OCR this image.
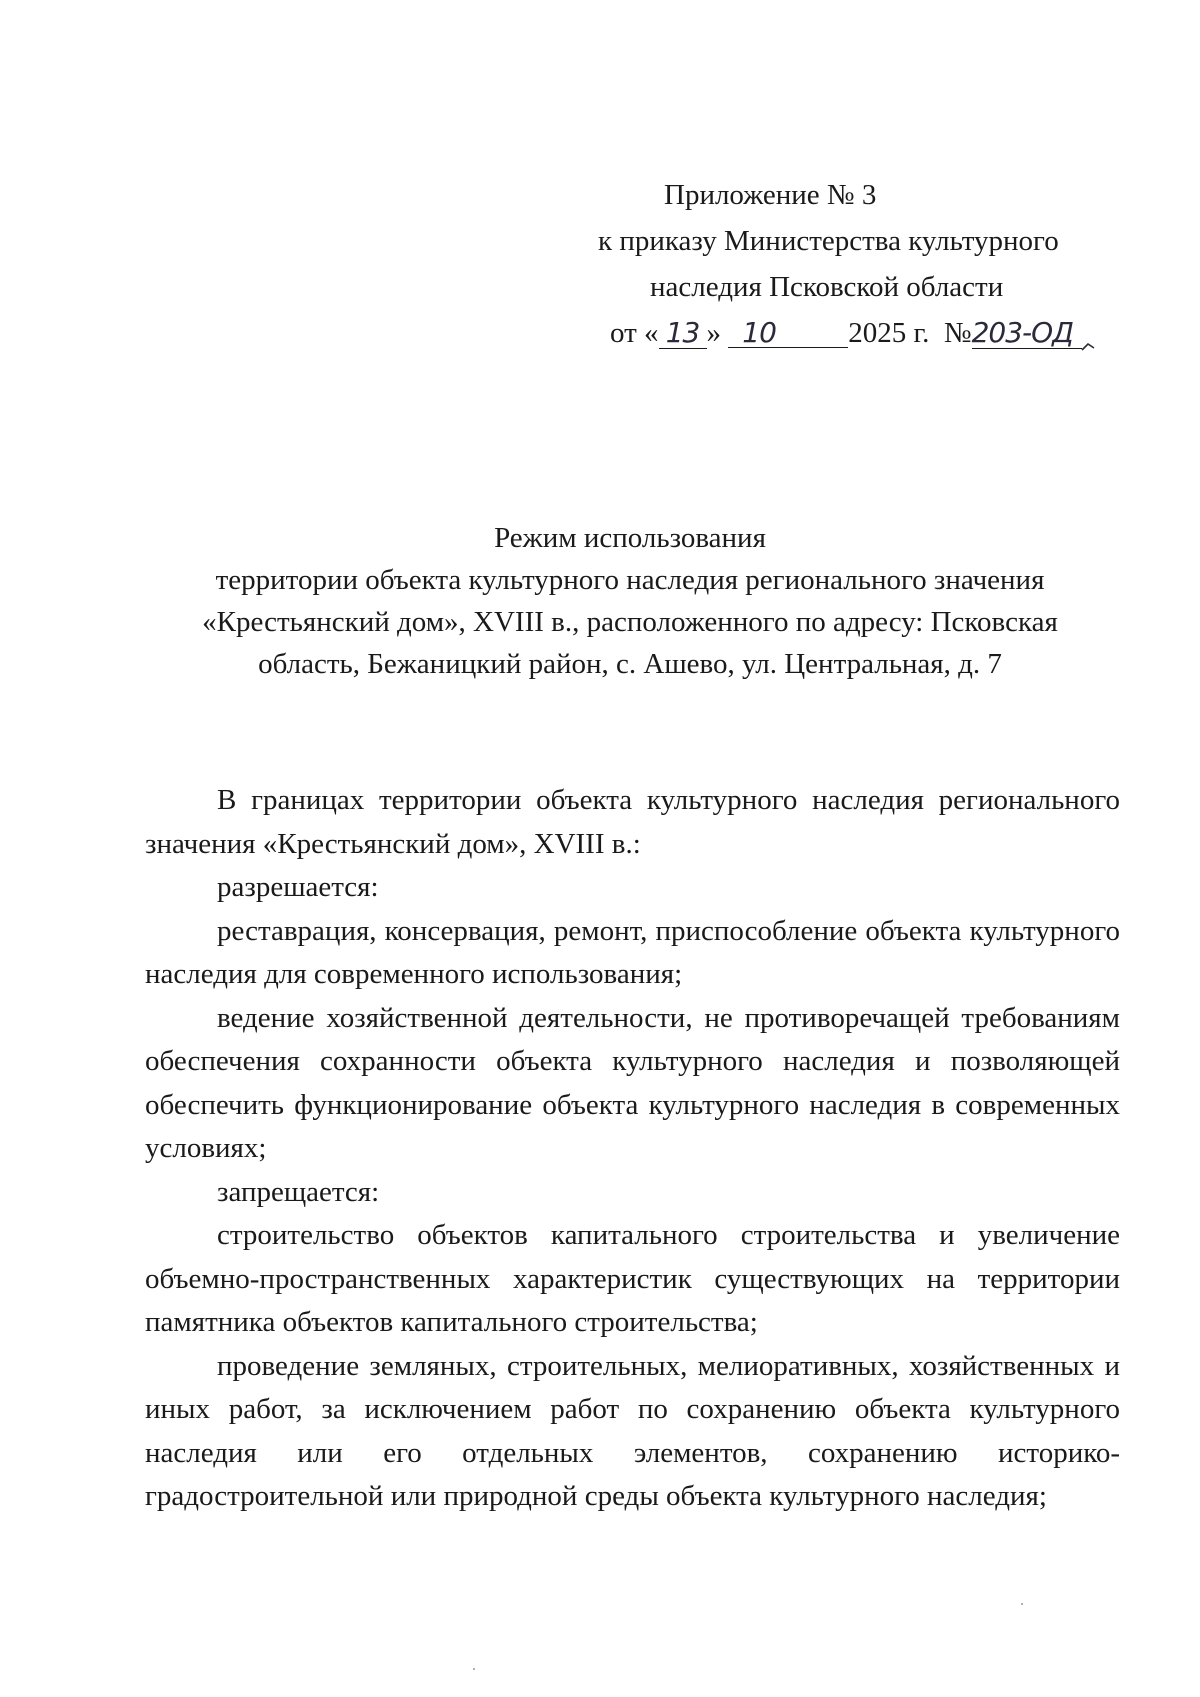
Приложение № 3
к приказу Министерства культурного
наследия Псковской области
от « 13 » 10 2025 г. №203-ОД
Режим использования
территории объекта культурного наследия регионального значения
«Крестьянский дом», XVIII в., расположенного по адресу: Псковская
область, Бежаницкий район, с. Ашево, ул. Центральная, д. 7

В границах территории объекта культурного наследия регионального значения «Крестьянский дом», XVIII в.:

разрешается:

реставрация, консервация, ремонт, приспособление объекта культурного наследия для современного использования;

ведение хозяйственной деятельности, не противоречащей требованиям обеспечения сохранности объекта культурного наследия и позволяющей обеспечить функционирование объекта культурного наследия в современных условиях;

запрещается:

строительство объектов капитального строительства и увеличение объемно-пространственных характеристик существующих на территории памятника объектов капитального строительства;

проведение земляных, строительных, мелиоративных, хозяйственных и иных работ, за исключением работ по сохранению объекта культурного наследия или его отдельных элементов, сохранению историко-градостроительной или природной среды объекта культурного наследия;
